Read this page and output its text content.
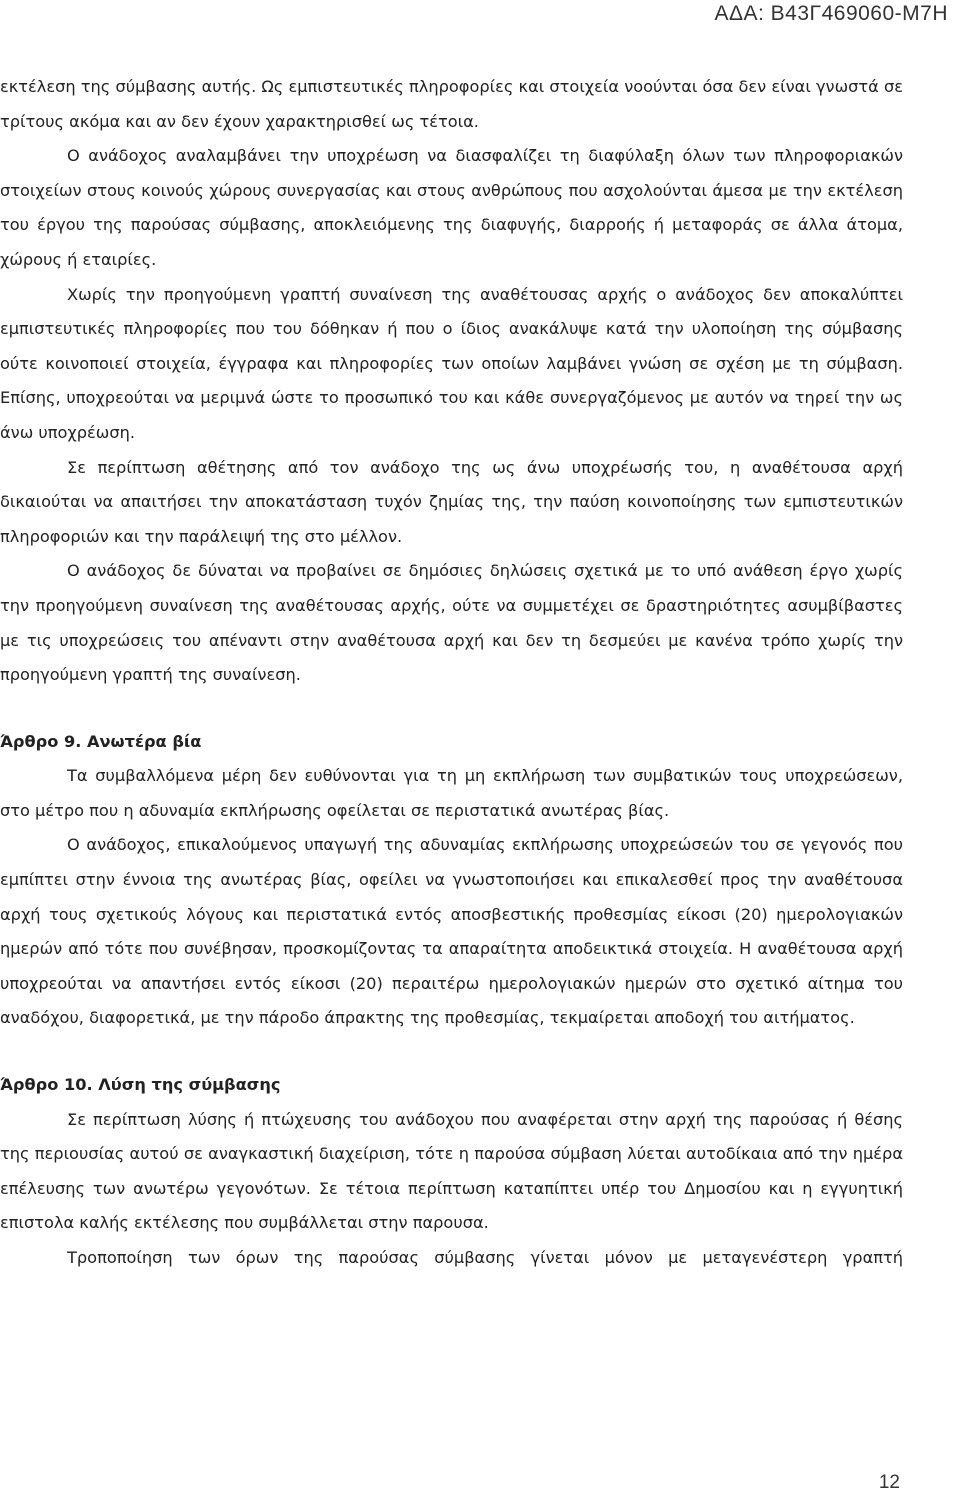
ΑΔΑ: Β43Γ469060-Μ7Η

εκτέλεση της σύμβασης αυτής. Ως εμπιστευτικές πληροφορίες και στοιχεία νοούνται όσα δεν είναι γνωστά σε τρίτους ακόμα και αν δεν έχουν χαρακτηρισθεί ως τέτοια.

Ο ανάδοχος αναλαμβάνει την υποχρέωση να διασφαλίζει τη διαφύλαξη όλων των πληροφοριακών στοιχείων στους κοινούς χώρους συνεργασίας και στους ανθρώπους που ασχολούνται άμεσα με την εκτέλεση του έργου της παρούσας σύμβασης, αποκλειόμενης της διαφυγής, διαρροής ή μεταφοράς σε άλλα άτομα, χώρους ή εταιρίες.

Χωρίς την προηγούμενη γραπτή συναίνεση της αναθέτουσας αρχής ο ανάδοχος δεν αποκαλύπτει εμπιστευτικές πληροφορίες που του δόθηκαν ή που ο ίδιος ανακάλυψε κατά την υλοποίηση της σύμβασης ούτε κοινοποιεί στοιχεία, έγγραφα και πληροφορίες των οποίων λαμβάνει γνώση σε σχέση με τη σύμβαση. Επίσης, υποχρεούται να μεριμνά ώστε το προσωπικό του και κάθε συνεργαζόμενος με αυτόν να τηρεί την ως άνω υποχρέωση.

Σε περίπτωση αθέτησης από τον ανάδοχο της ως άνω υποχρέωσής του, η αναθέτουσα αρχή δικαιούται να απαιτήσει την αποκατάσταση τυχόν ζημίας της, την παύση κοινοποίησης των εμπιστευτικών πληροφοριών και την παράλειψή της στο μέλλον.

Ο ανάδοχος δε δύναται να προβαίνει σε δημόσιες δηλώσεις σχετικά με το υπό ανάθεση έργο χωρίς την προηγούμενη συναίνεση της αναθέτουσας αρχής, ούτε να συμμετέχει σε δραστηριότητες ασυμβίβαστες με τις υποχρεώσεις του απέναντι στην αναθέτουσα αρχή και δεν τη δεσμεύει με κανένα τρόπο χωρίς την προηγούμενη γραπτή της συναίνεση.

Άρθρο 9. Ανωτέρα βία

Τα συμβαλλόμενα μέρη δεν ευθύνονται για τη μη εκπλήρωση των συμβατικών τους υποχρεώσεων, στο μέτρο που η αδυναμία εκπλήρωσης οφείλεται σε περιστατικά ανωτέρας βίας.

Ο ανάδοχος, επικαλούμενος υπαγωγή της αδυναμίας εκπλήρωσης υποχρεώσεών του σε γεγονός που εμπίπτει στην έννοια της ανωτέρας βίας, οφείλει να γνωστοποιήσει και επικαλεσθεί προς την αναθέτουσα αρχή τους σχετικούς λόγους και περιστατικά εντός αποσβεστικής προθεσμίας είκοσι (20) ημερολογιακών ημερών από τότε που συνέβησαν, προσκομίζοντας τα απαραίτητα αποδεικτικά στοιχεία. Η αναθέτουσα αρχή υποχρεούται να απαντήσει εντός είκοσι (20) περαιτέρω ημερολογιακών ημερών στο σχετικό αίτημα του αναδόχου, διαφορετικά, με την πάροδο άπρακτης της προθεσμίας, τεκμαίρεται αποδοχή του αιτήματος.

Άρθρο 10. Λύση της σύμβασης

Σε περίπτωση λύσης ή πτώχευσης του ανάδοχου που αναφέρεται στην αρχή της παρούσας ή θέσης της περιουσίας αυτού σε αναγκαστική διαχείριση, τότε η παρούσα σύμβαση λύεται αυτοδίκαια από την ημέρα επέλευσης των ανωτέρω γεγονότων. Σε τέτοια περίπτωση καταπίπτει υπέρ του Δημοσίου και η εγγυητική επιστολα καλής εκτέλεσης που συμβάλλεται στην παρουσα.

Τροποποίηση των όρων της παρούσας σύμβασης γίνεται μόνον με μεταγενέστερη γραπτή

12
